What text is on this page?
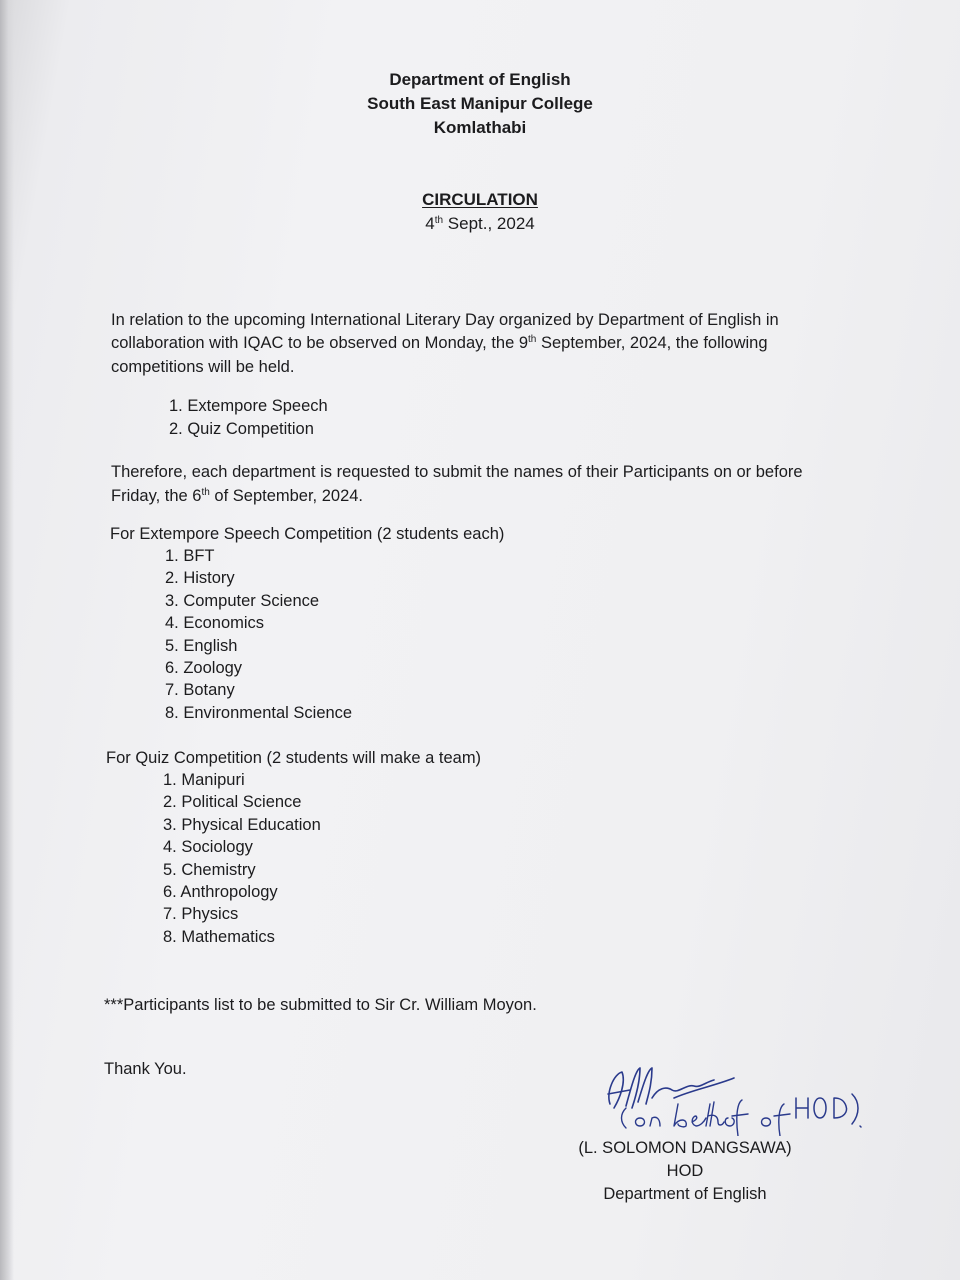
Department of English
South East Manipur College
Komlathabi
CIRCULATION
4th Sept., 2024
In relation to the upcoming International Literary Day organized by Department of English in
collaboration with IQAC to be observed on Monday, the 9th September, 2024, the following
competitions will be held.
1. Extempore Speech
2. Quiz Competition
Therefore, each department is requested to submit the names of their Participants on or before
Friday, the 6th of September, 2024.
For Extempore Speech Competition (2 students each)
1. BFT
2. History
3. Computer Science
4. Economics
5. English
6. Zoology
7. Botany
8. Environmental Science
For Quiz Competition (2 students will make a team)
1. Manipuri
2. Political Science
3. Physical Education
4. Sociology
5. Chemistry
6. Anthropology
7. Physics
8. Mathematics
***Participants list to be submitted to Sir Cr. William Moyon.
Thank You.
(L. SOLOMON DANGSAWA)
HOD
Department of English
